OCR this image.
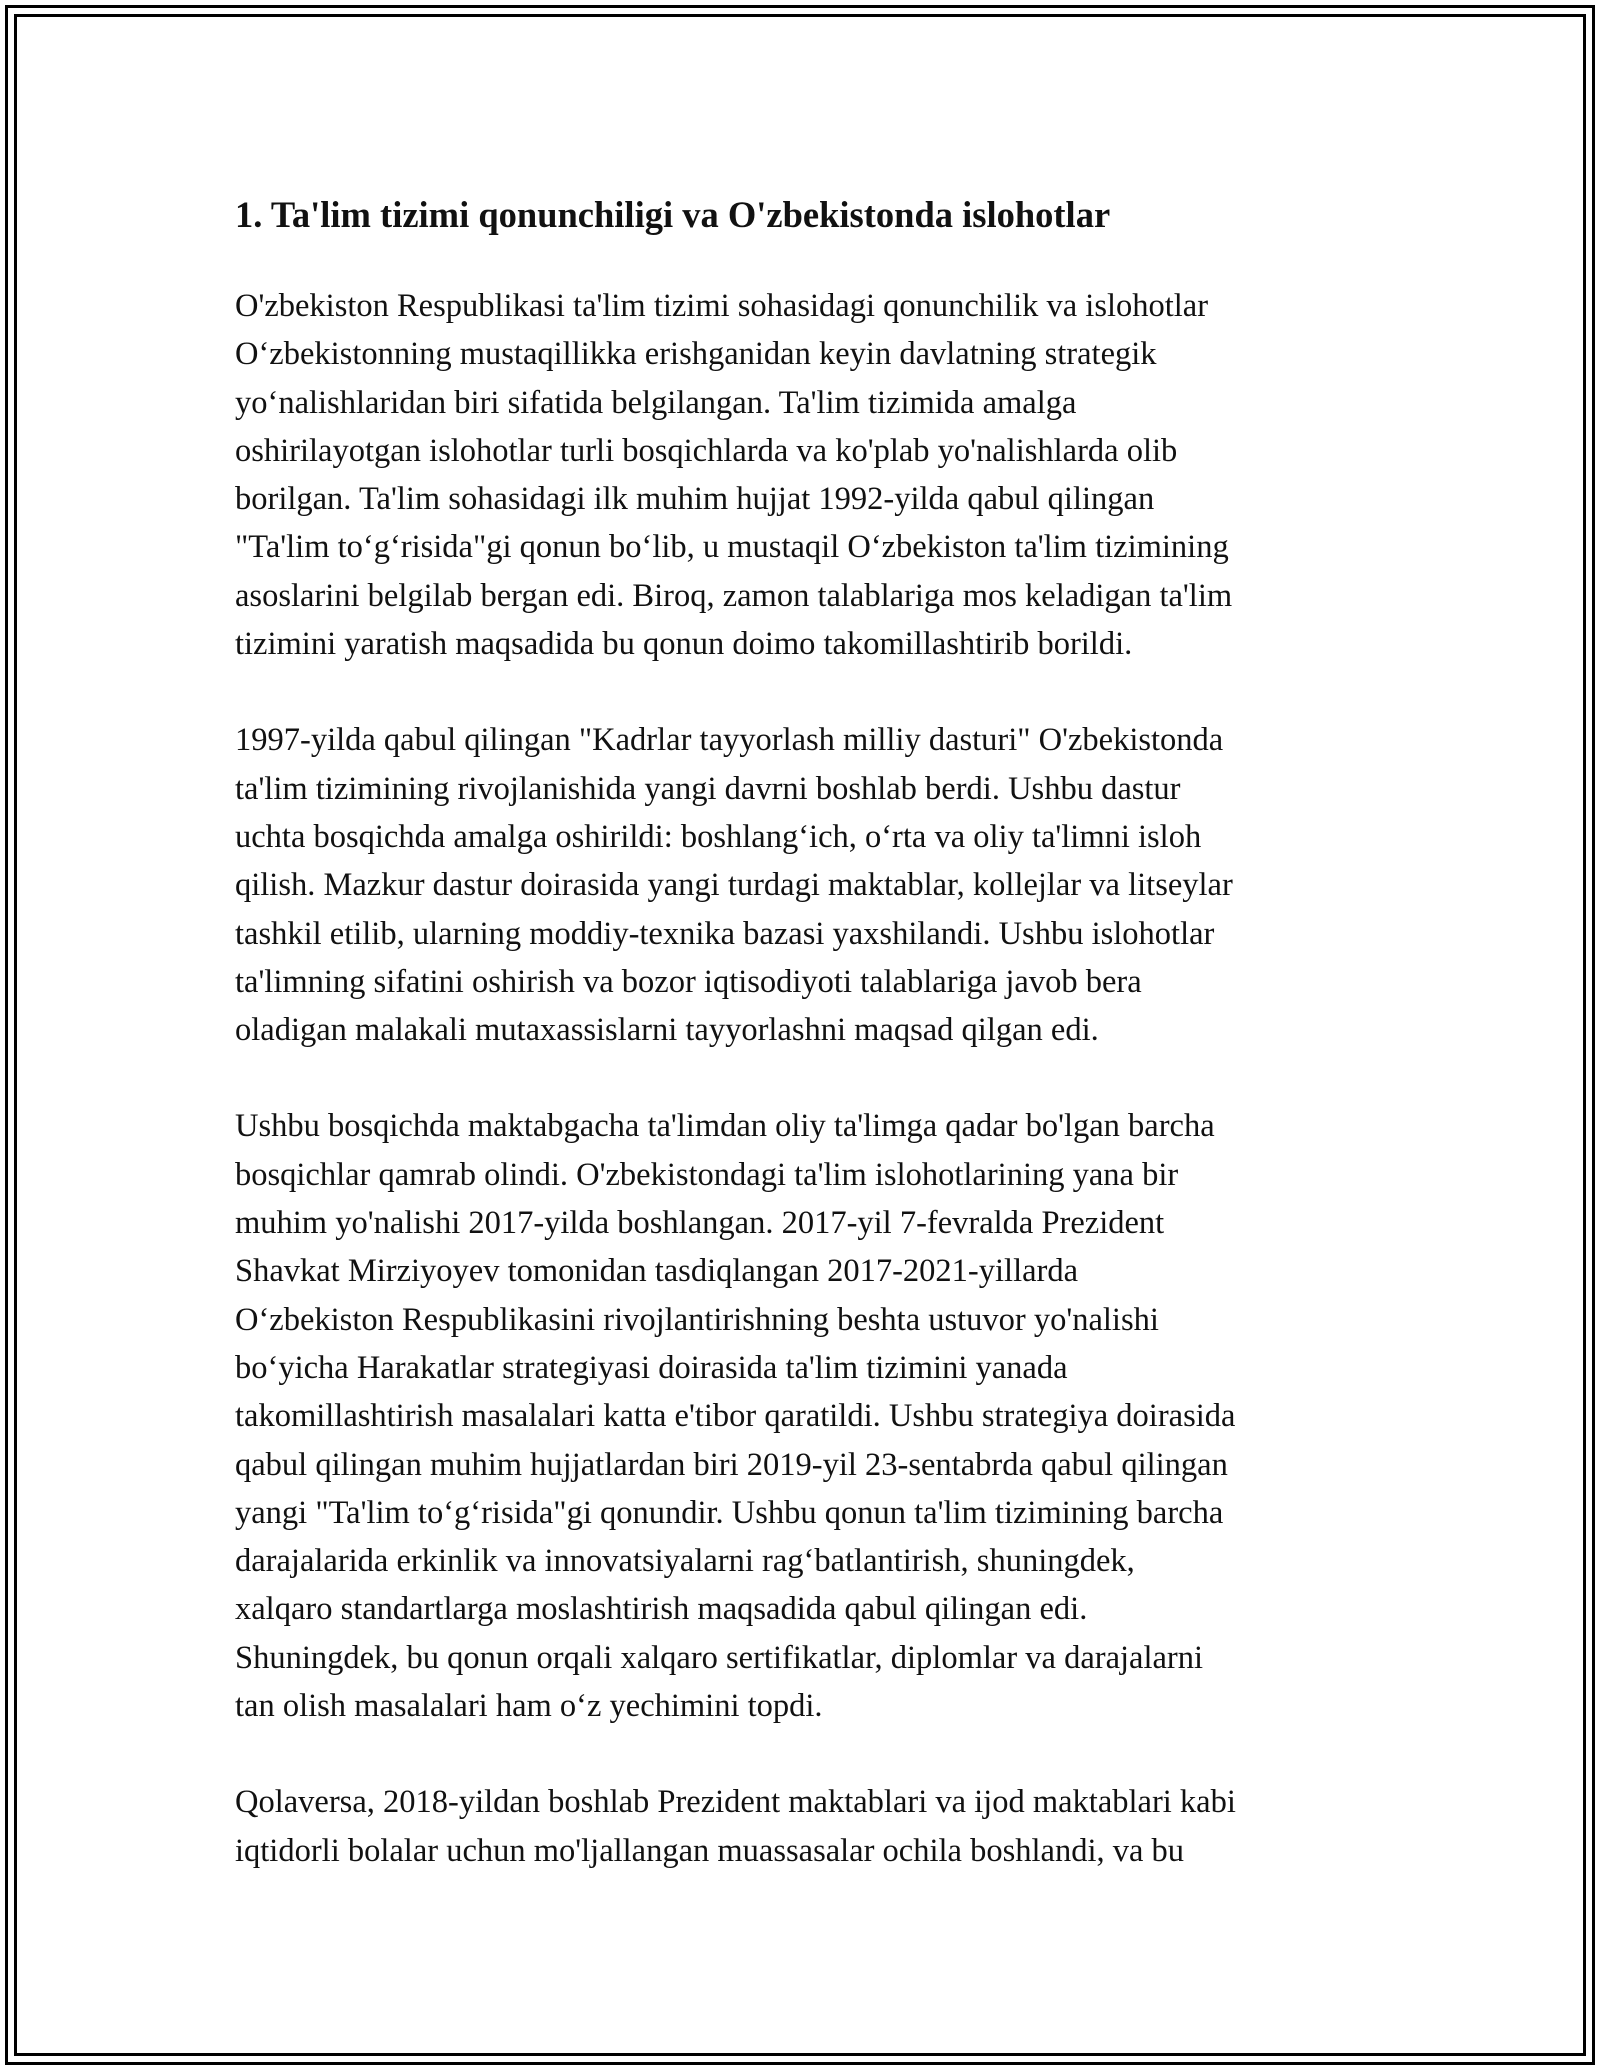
1. Ta'lim tizimi qonunchiligi va O'zbekistonda islohotlar
O'zbekiston Respublikasi ta'lim tizimi sohasidagi qonunchilik va islohotlar
Oʻzbekistonning mustaqillikka erishganidan keyin davlatning strategik
yoʻnalishlaridan biri sifatida belgilangan. Ta'lim tizimida amalga
oshirilayotgan islohotlar turli bosqichlarda va ko'plab yo'nalishlarda olib
borilgan. Ta'lim sohasidagi ilk muhim hujjat 1992-yilda qabul qilingan
"Ta'lim toʻgʻrisida"gi qonun boʻlib, u mustaqil Oʻzbekiston ta'lim tizimining
asoslarini belgilab bergan edi. Biroq, zamon talablariga mos keladigan ta'lim
tizimini yaratish maqsadida bu qonun doimo takomillashtirib borildi.
1997-yilda qabul qilingan "Kadrlar tayyorlash milliy dasturi" O'zbekistonda
ta'lim tizimining rivojlanishida yangi davrni boshlab berdi. Ushbu dastur
uchta bosqichda amalga oshirildi: boshlangʻich, oʻrta va oliy ta'limni isloh
qilish. Mazkur dastur doirasida yangi turdagi maktablar, kollejlar va litseylar
tashkil etilib, ularning moddiy-texnika bazasi yaxshilandi. Ushbu islohotlar
ta'limning sifatini oshirish va bozor iqtisodiyoti talablariga javob bera
oladigan malakali mutaxassislarni tayyorlashni maqsad qilgan edi.
Ushbu bosqichda maktabgacha ta'limdan oliy ta'limga qadar bo'lgan barcha
bosqichlar qamrab olindi. O'zbekistondagi ta'lim islohotlarining yana bir
muhim yo'nalishi 2017-yilda boshlangan. 2017-yil 7-fevralda Prezident
Shavkat Mirziyoyev tomonidan tasdiqlangan 2017-2021-yillarda
Oʻzbekiston Respublikasini rivojlantirishning beshta ustuvor yo'nalishi
boʻyicha Harakatlar strategiyasi doirasida ta'lim tizimini yanada
takomillashtirish masalalari katta e'tibor qaratildi. Ushbu strategiya doirasida
qabul qilingan muhim hujjatlardan biri 2019-yil 23-sentabrda qabul qilingan
yangi "Ta'lim toʻgʻrisida"gi qonundir. Ushbu qonun ta'lim tizimining barcha
darajalarida erkinlik va innovatsiyalarni ragʻbatlantirish, shuningdek,
xalqaro standartlarga moslashtirish maqsadida qabul qilingan edi.
Shuningdek, bu qonun orqali xalqaro sertifikatlar, diplomlar va darajalarni
tan olish masalalari ham oʻz yechimini topdi.
Qolaversa, 2018-yildan boshlab Prezident maktablari va ijod maktablari kabi
iqtidorli bolalar uchun mo'ljallangan muassasalar ochila boshlandi, va bu
